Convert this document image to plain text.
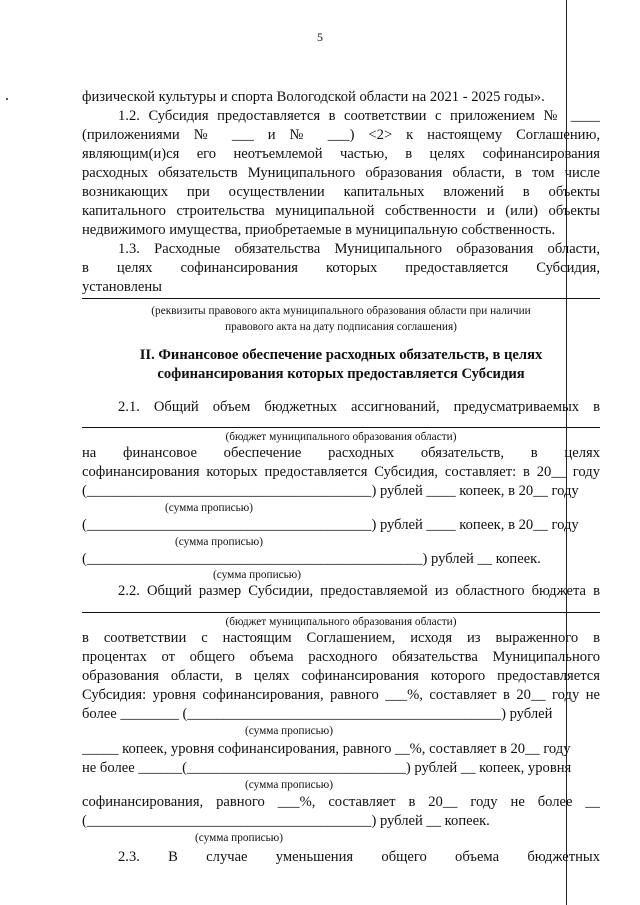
5
физической культуры и спорта Вологодской области на 2021 - 2025 годы».
1.2. Субсидия предоставляется в соответствии с приложением № ____
(приложениями № ___ и № ___) <2> к настоящему Соглашению,
являющим(и)ся его неотъемлемой частью, в целях софинансирования
расходных обязательств Муниципального образования области, в том числе
возникающих при осуществлении капитальных вложений в объекты
капитального строительства муниципальной собственности и (или) объекты
недвижимого имущества, приобретаемые в муниципальную собственность.
1.3. Расходные обязательства Муниципального образования области,
в целях софинансирования которых предоставляется Субсидия,
установлены
(реквизиты правового акта муниципального образования области при наличии
правового акта на дату подписания соглашения)
II. Финансовое обеспечение расходных обязательств, в целях
софинансирования которых предоставляется Субсидия
2.1. Общий объем бюджетных ассигнований, предусматриваемых в
(бюджет муниципального образования области)
на финансовое обеспечение расходных обязательств, в целях
софинансирования которых предоставляется Субсидия, составляет: в 20__ году
(_______________________________________) рублей ____ копеек, в 20__ году
(сумма прописью)
(_______________________________________) рублей ____ копеек, в 20__ году
(сумма прописью)
(______________________________________________) рублей __ копеек.
(сумма прописью)
2.2. Общий размер Субсидии, предоставляемой из областного бюджета в
(бюджет муниципального образования области)
в соответствии с настоящим Соглашением, исходя из выраженного в
процентах от общего объема расходного обязательства Муниципального
образования области, в целях софинансирования которого предоставляется
Субсидия: уровня софинансирования, равного ___%, составляет в 20__ году не
более ________ (___________________________________________) рублей
(сумма прописью)
_____ копеек, уровня софинансирования, равного __%, составляет в 20__ году
не более ______(______________________________) рублей __ копеек, уровня
(сумма прописью)
софинансирования, равного ___%, составляет в 20__ году не более __
(_______________________________________) рублей __ копеек.
(сумма прописью)
2.3. В случае уменьшения общего объема бюджетных
